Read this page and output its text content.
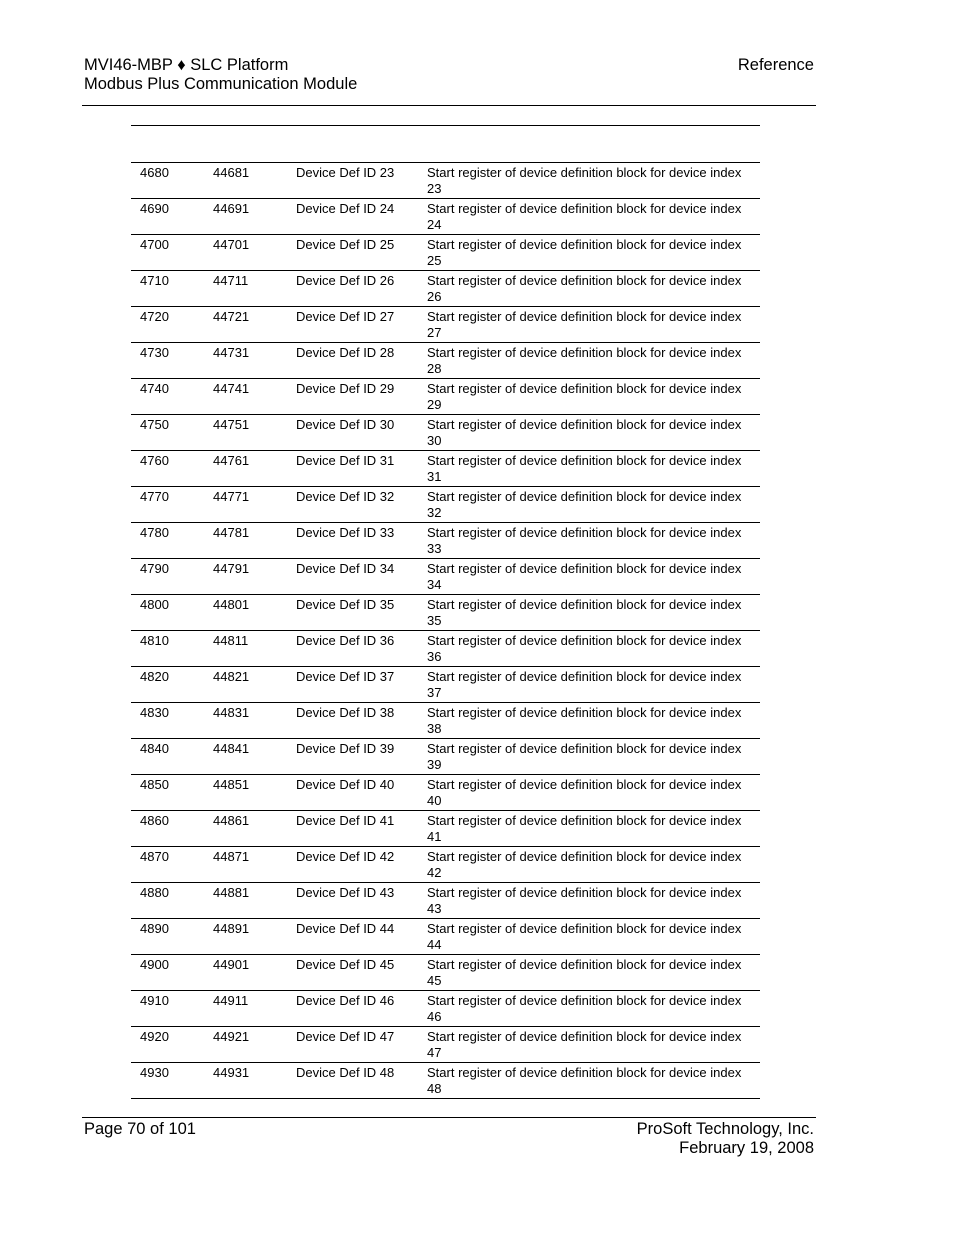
MVI46-MBP ♦ SLC Platform
Modbus Plus Communication Module
Reference
4680	44681	Device Def ID 23	Start register of device definition block for device index 23
4690	44691	Device Def ID 24	Start register of device definition block for device index 24
4700	44701	Device Def ID 25	Start register of device definition block for device index 25
4710	44711	Device Def ID 26	Start register of device definition block for device index 26
4720	44721	Device Def ID 27	Start register of device definition block for device index 27
4730	44731	Device Def ID 28	Start register of device definition block for device index 28
4740	44741	Device Def ID 29	Start register of device definition block for device index 29
4750	44751	Device Def ID 30	Start register of device definition block for device index 30
4760	44761	Device Def ID 31	Start register of device definition block for device index 31
4770	44771	Device Def ID 32	Start register of device definition block for device index 32
4780	44781	Device Def ID 33	Start register of device definition block for device index 33
4790	44791	Device Def ID 34	Start register of device definition block for device index 34
4800	44801	Device Def ID 35	Start register of device definition block for device index 35
4810	44811	Device Def ID 36	Start register of device definition block for device index 36
4820	44821	Device Def ID 37	Start register of device definition block for device index 37
4830	44831	Device Def ID 38	Start register of device definition block for device index 38
4840	44841	Device Def ID 39	Start register of device definition block for device index 39
4850	44851	Device Def ID 40	Start register of device definition block for device index 40
4860	44861	Device Def ID 41	Start register of device definition block for device index 41
4870	44871	Device Def ID 42	Start register of device definition block for device index 42
4880	44881	Device Def ID 43	Start register of device definition block for device index 43
4890	44891	Device Def ID 44	Start register of device definition block for device index 44
4900	44901	Device Def ID 45	Start register of device definition block for device index 45
4910	44911	Device Def ID 46	Start register of device definition block for device index 46
4920	44921	Device Def ID 47	Start register of device definition block for device index 47
4930	44931	Device Def ID 48	Start register of device definition block for device index 48
Page 70 of 101	ProSoft Technology, Inc.
February 19, 2008
